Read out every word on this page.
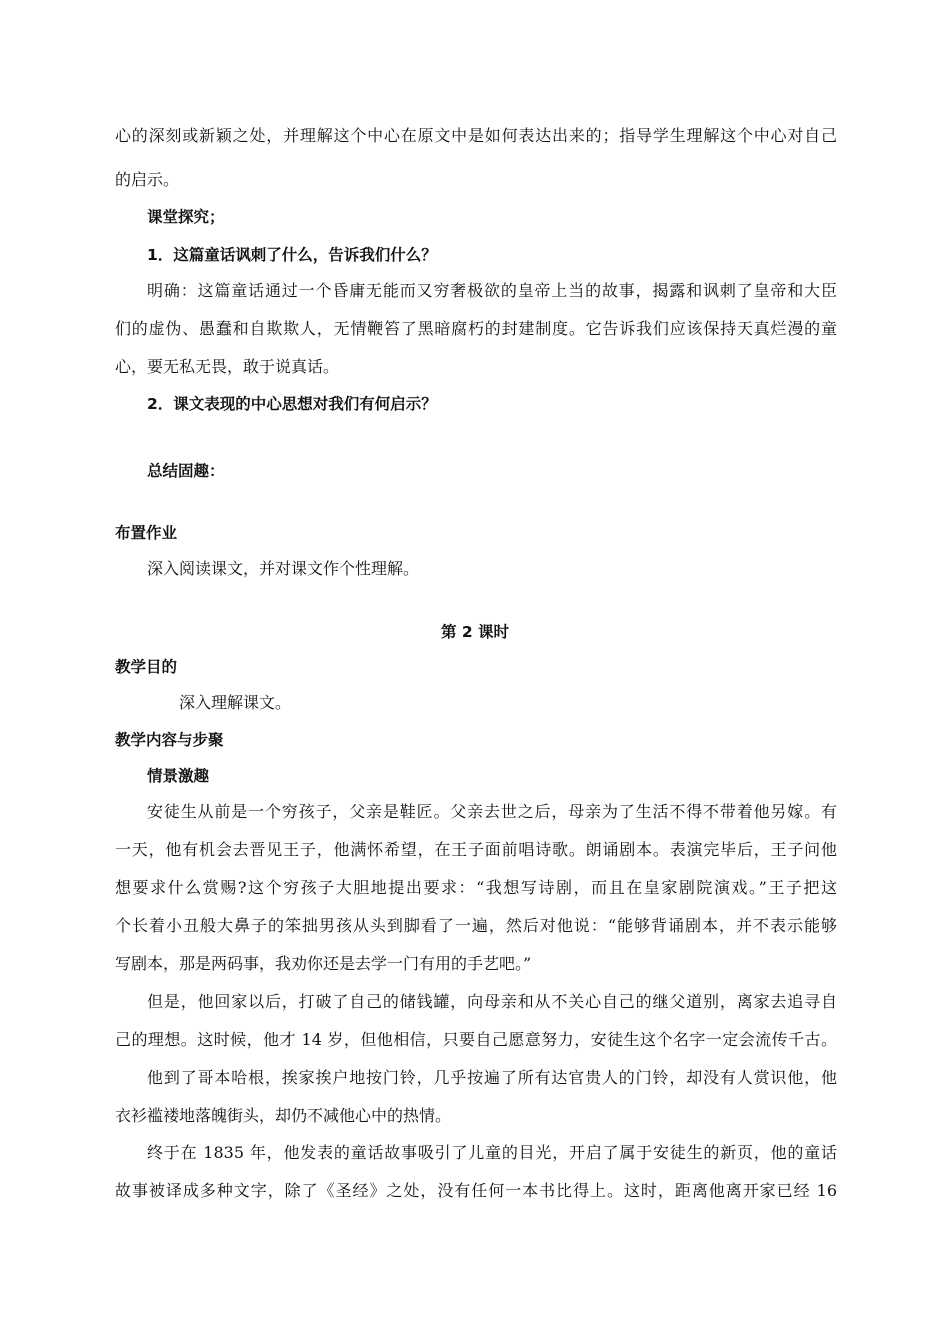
心的深刻或新颖之处，并理解这个中心在原文中是如何表达出来的；指导学生理解这个中心对自己
的启示。
课堂探究；
1．这篇童话讽刺了什么，告诉我们什么？
明确：这篇童话通过一个昏庸无能而又穷奢极欲的皇帝上当的故事，揭露和讽刺了皇帝和大臣
们的虚伪、愚蠢和自欺欺人，无情鞭笞了黑暗腐朽的封建制度。它告诉我们应该保持天真烂漫的童
心，要无私无畏，敢于说真话。
2．课文表现的中心思想对我们有何启示？
总结固趣：
布置作业
深入阅读课文，并对课文作个性理解。
第 2 课时
教学目的
深入理解课文。
教学内容与步聚
情景激趣
安徒生从前是一个穷孩子，父亲是鞋匠。父亲去世之后，母亲为了生活不得不带着他另嫁。有
一天，他有机会去晋见王子，他满怀希望，在王子面前唱诗歌。朗诵剧本。表演完毕后，王子问他
想要求什么赏赐?这个穷孩子大胆地提出要求：“我想写诗剧，而且在皇家剧院演戏。”王子把这
个长着小丑般大鼻子的笨拙男孩从头到脚看了一遍，然后对他说：“能够背诵剧本，并不表示能够
写剧本，那是两码事，我劝你还是去学一门有用的手艺吧。”
但是，他回家以后，打破了自己的储钱罐，向母亲和从不关心自己的继父道别，离家去追寻自
己的理想。这时候，他才 14 岁，但他相信，只要自己愿意努力，安徒生这个名字一定会流传千古。
他到了哥本哈根，挨家挨户地按门铃，几乎按遍了所有达官贵人的门铃，却没有人赏识他，他
衣衫褴褛地落魄街头，却仍不减他心中的热情。
终于在 1835 年，他发表的童话故事吸引了儿童的目光，开启了属于安徒生的新页，他的童话
故事被译成多种文字，除了《圣经》之处，没有任何一本书比得上。这时，距离他离开家已经 16
